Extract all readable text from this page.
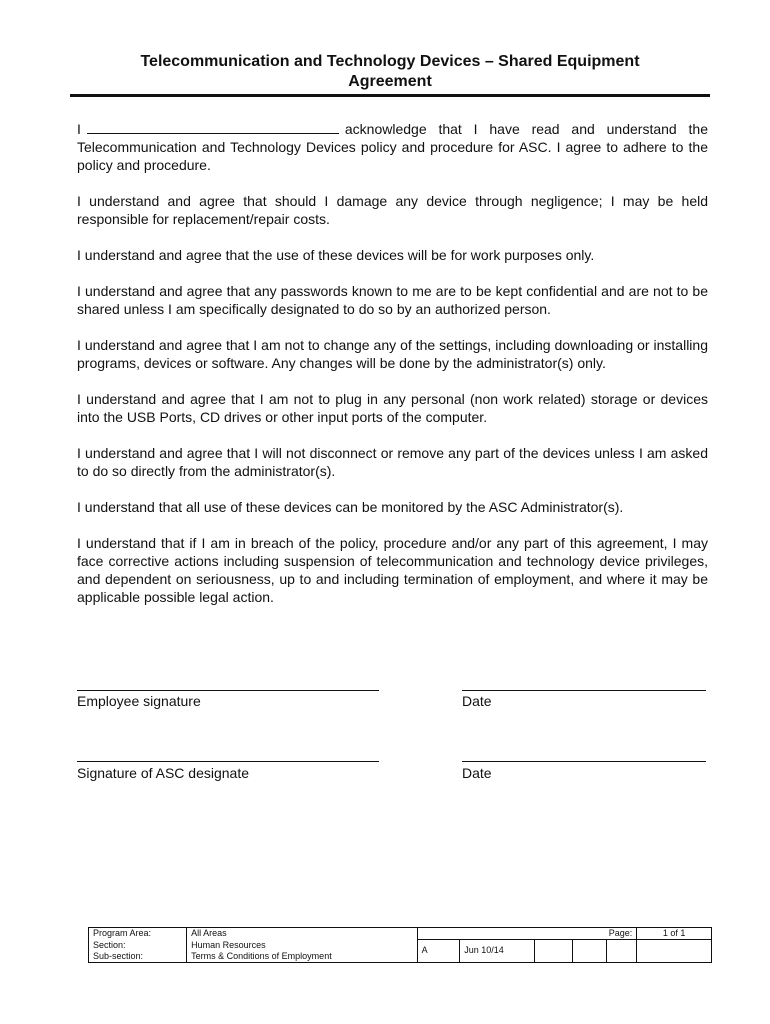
Telecommunication and Technology Devices – Shared Equipment
Agreement

I	acknowledge that I have read and understand the Telecommunication and Technology Devices policy and procedure for ASC. I agree to adhere to the policy and procedure.

I understand and agree that should I damage any device through negligence; I may be held responsible for replacement/repair costs.

I understand and agree that the use of these devices will be for work purposes only.

I understand and agree that any passwords known to me are to be kept confidential and are not to be shared unless I am specifically designated to do so by an authorized person.

I understand and agree that I am not to change any of the settings, including downloading or installing programs, devices or software. Any changes will be done by the administrator(s) only.

I understand and agree that I am not to plug in any personal (non work related) storage or devices into the USB Ports, CD drives or other input ports of the computer.

I understand and agree that I will not disconnect or remove any part of the devices unless I am asked to do so directly from the administrator(s).

I understand that all use of these devices can be monitored by the ASC Administrator(s).

I understand that if I am in breach of the policy, procedure and/or any part of this agreement, I may face corrective actions including suspension of telecommunication and technology device privileges, and dependent on seriousness, up to and including termination of employment, and where it may be applicable possible legal action.

Employee signature	Date
Signature of ASC designate	Date
Program Area:	All Areas	Page:					1 of 1
Section:	Human Resources	A	Jun 10/14				
Sub-section:	Terms & Conditions of Employment						
